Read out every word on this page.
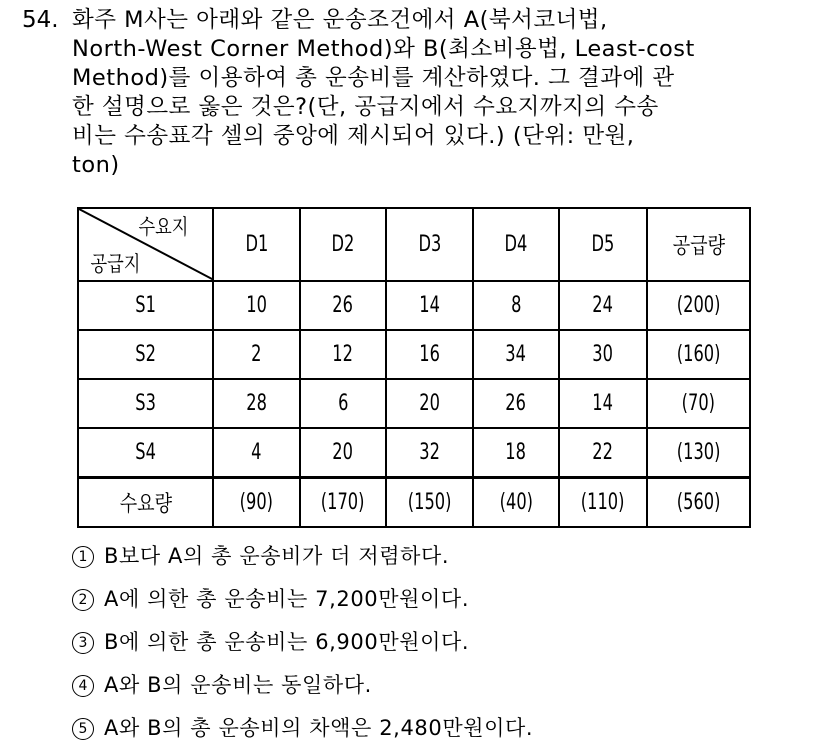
54. 화주 M사는 아래와 같은 운송조건에서 A(북서코너법,
North-West Corner Method)와 B(최소비용법, Least-cost
Method)를 이용하여 총 운송비를 계산하였다. 그 결과에 관
한 설명으로 옳은 것은?(단, 공급지에서 수요지까지의 수송
비는 수송표각 셀의 중앙에 제시되어 있다.) (단위: 만원,
ton)
수요지
공급지	D1	D2	D3	D4	D5	공급량
S1	10	26	14	8	24	(200)
S2	2	12	16	34	30	(160)
S3	28	6	20	26	14	(70)
S4	4	20	32	18	22	(130)
수요량	(90)	(170)	(150)	(40)	(110)	(560)
1 B보다 A의 총 운송비가 더 저렴하다.
2 A에 의한 총 운송비는 7,200만원이다.
3 B에 의한 총 운송비는 6,900만원이다.
4 A와 B의 운송비는 동일하다.
5 A와 B의 총 운송비의 차액은 2,480만원이다.
